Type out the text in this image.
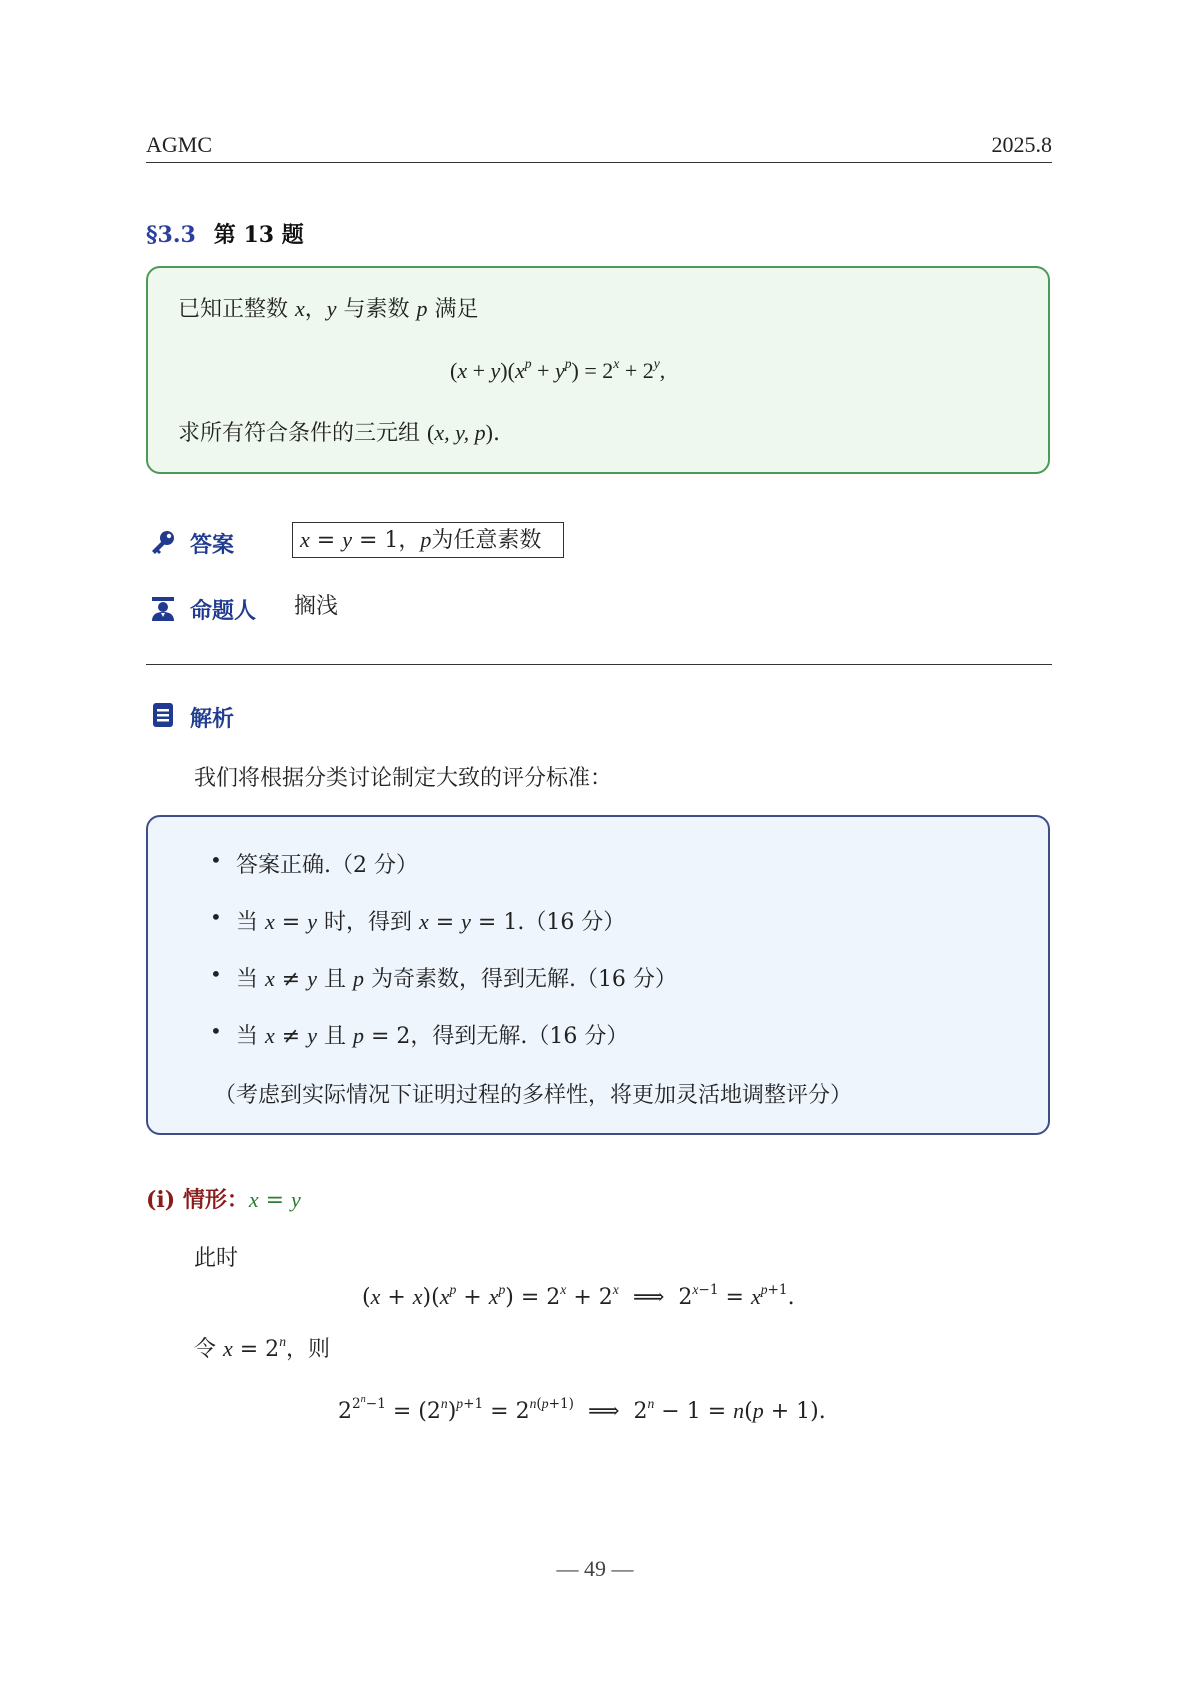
AGMC	2025.8
§3.3 第 13 题
已知正整数 x，y 与素数 p 满足
$(x + y)(x^p + y^p) = 2^x + 2^y$,
求所有符合条件的三元组 (x, y, p).
答案	x = y = 1，p为任意素数
命题人 搁浅
解析
我们将根据分类讨论制定大致的评分标准：
• 答案正确.（2 分）
• 当 x = y 时，得到 x = y = 1.（16 分）
• 当 x ≠ y 且 p 为奇素数，得到无解.（16 分）
• 当 x ≠ y 且 p = 2，得到无解.（16 分）
（考虑到实际情况下证明过程的多样性，将更加灵活地调整评分）
(i) 情形：x = y
此时
$(x + x)(x^p + x^p) = 2^x + 2^x$  ⟹  $2^{x-1} = x^{p+1}$.
令 $x = 2^n$，则
$2^{2^n-1} = (2^n)^{p+1} = 2^{n(p+1)}$  ⟹  $2^n - 1 = n(p + 1)$.
— 49 —
